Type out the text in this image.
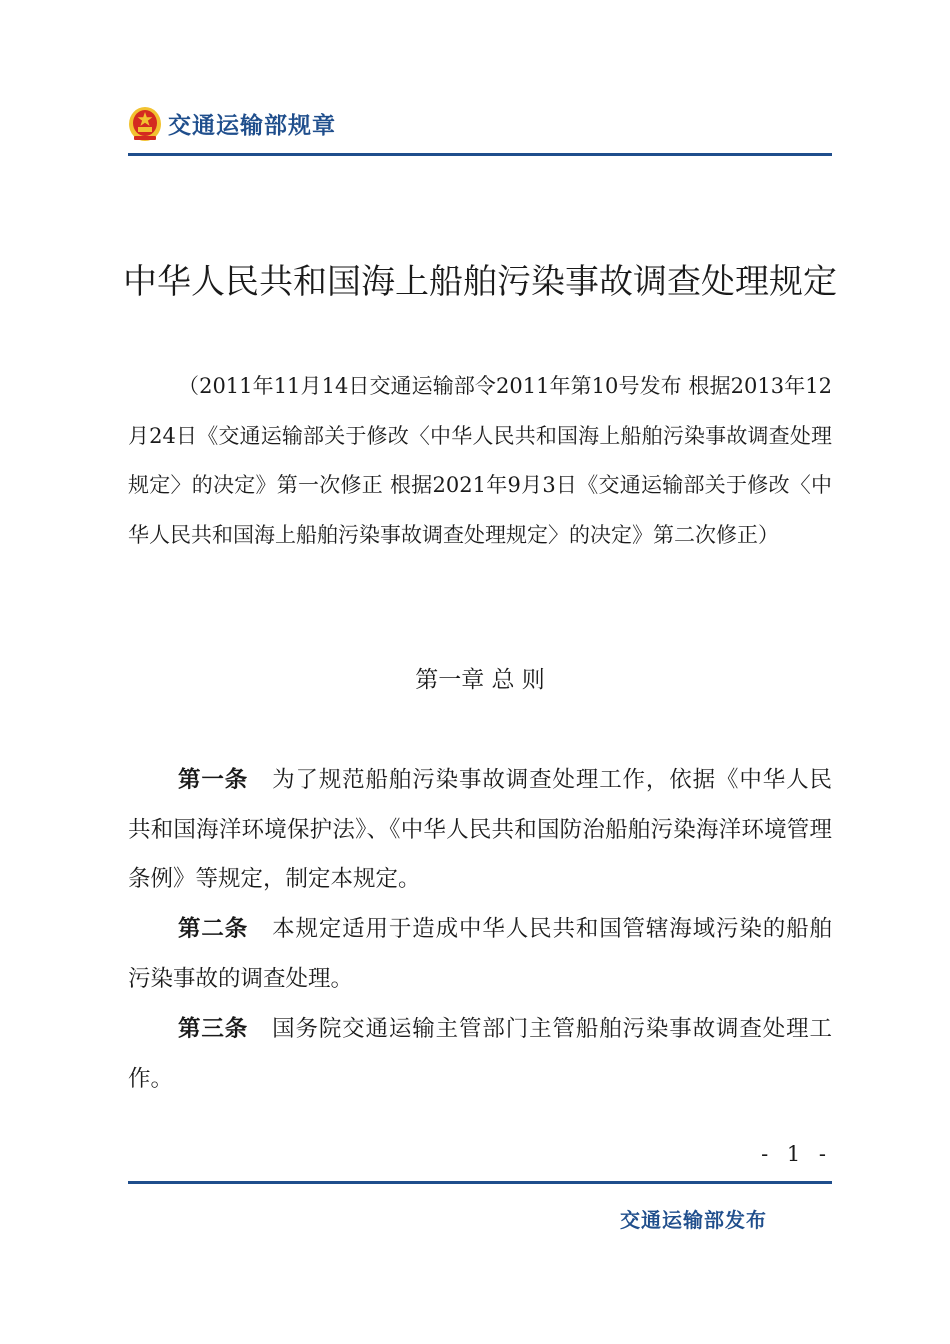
交通运输部规章
中华人民共和国海上船舶污染事故调查处理规定
（2011年11月14日交通运输部令2011年第10号发布 根据2013年12月24日《交通运输部关于修改〈中华人民共和国海上船舶污染事故调查处理规定〉的决定》第一次修正 根据2021年9月3日《交通运输部关于修改〈中华人民共和国海上船舶污染事故调查处理规定〉的决定》第二次修正）
第一章 总 则
第一条 为了规范船舶污染事故调查处理工作，依据《中华人民共和国海洋环境保护法》、《中华人民共和国防治船舶污染海洋环境管理条例》等规定，制定本规定。
第二条 本规定适用于造成中华人民共和国管辖海域污染的船舶污染事故的调查处理。
第三条 国务院交通运输主管部门主管船舶污染事故调查处理工作。
- 1 -
交通运输部发布
